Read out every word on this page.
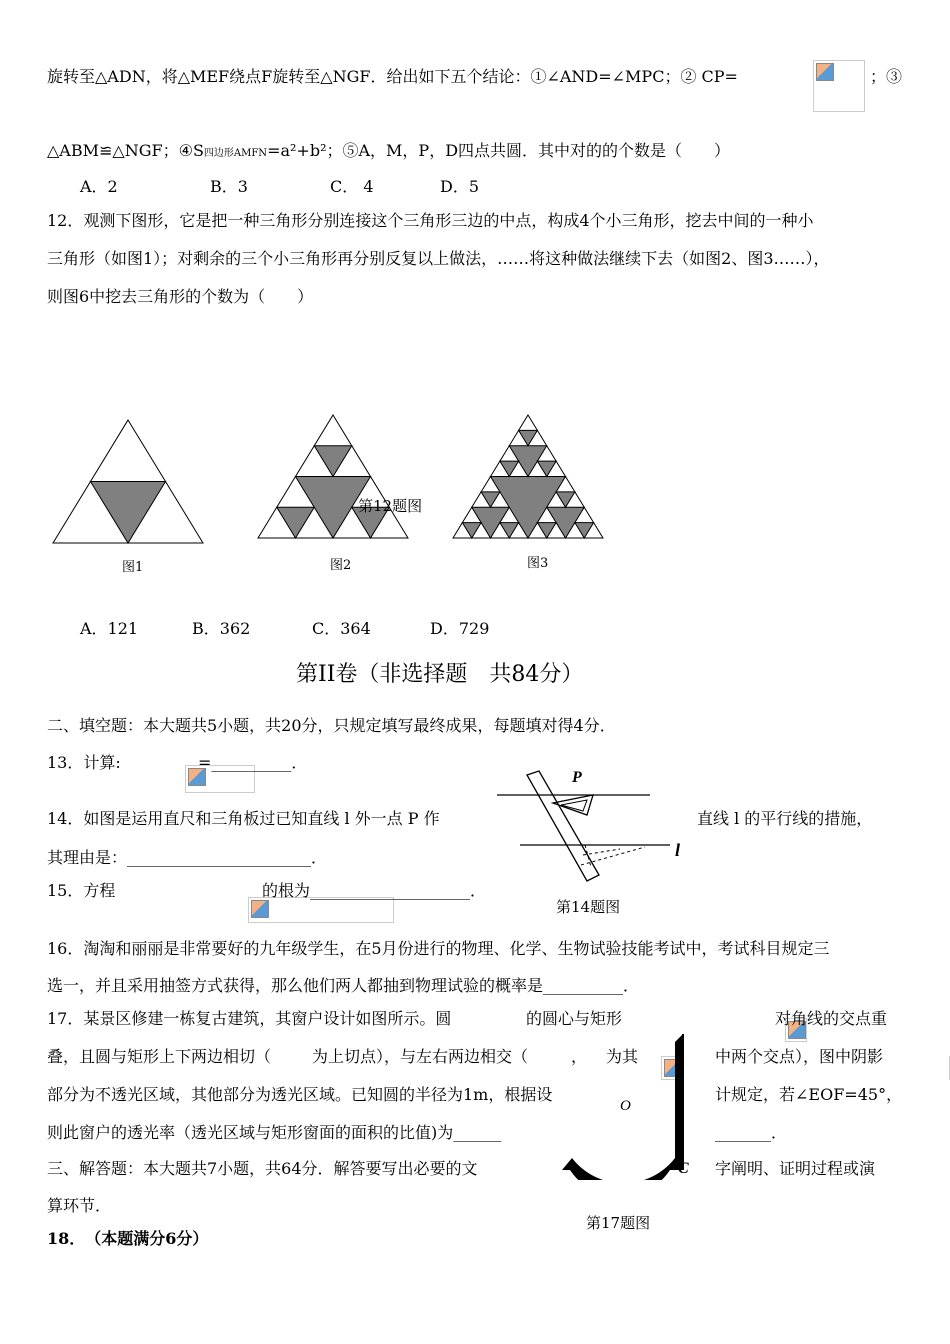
旋转至△ADN，将△MEF绕点F旋转至△NGF．给出如下五个结论：①∠AND=∠MPC；② CP=
	；③
△ABM≌△NGF；④S四边形AMFN=a²+b²；⑤A，M，P，D四点共圆．其中对的的个数是（　　）
A．2	B．3	C． 4	D．5
12．观测下图形，它是把一种三角形分别连接这个三角形三边的中点，构成4个小三角形，挖去中间的一种小
三角形（如图1）；对剩余的三个小三角形再分别反复以上做法，……将这种做法继续下去（如图2、图3……），
则图6中挖去三角形的个数为（　　）
图1	图2	图3
第12题图
A．121	B．362	C．364	D．729
第II卷（非选择题　共84分）
二、填空题：本大题共5小题，共20分，只规定填写最终成果，每题填对得4分．
13．计算:
	=__________．
14．如图是运用直尺和三角板过已知直线 l 外一点 P 作	直线 l 的平行线的措施，
其理由是：_______________________．
P
l
第14题图
15．方程
	的根为____________________．
16．淘淘和丽丽是非常要好的九年级学生，在5月份进行的物理、化学、生物试验技能考试中，考试科目规定三
选一，并且采用抽签方式获得，那么他们两人都抽到物理试验的概率是__________．
17．某景区修建一栋复古建筑，其窗户设计如图所示。圆
	的圆心与矩形
	对角线的交点重
叠，且圆与矩形上下两边相切（
	为上切点），与左右两边相交（
	， 为其	中两个交点），图中阴影
部分为不透光区域，其他部分为透光区域。已知圆的半径为1m，根据设	计规定，若∠EOF=45°，
则此窗户的透光率（透光区域与矩形窗面的面积的比值)为______	_______．
O
C
第17题图
三、解答题：本大题共7小题，共64分．解答要写出必要的文	字阐明、证明过程或演
算环节．
18．　（本题满分6分）
